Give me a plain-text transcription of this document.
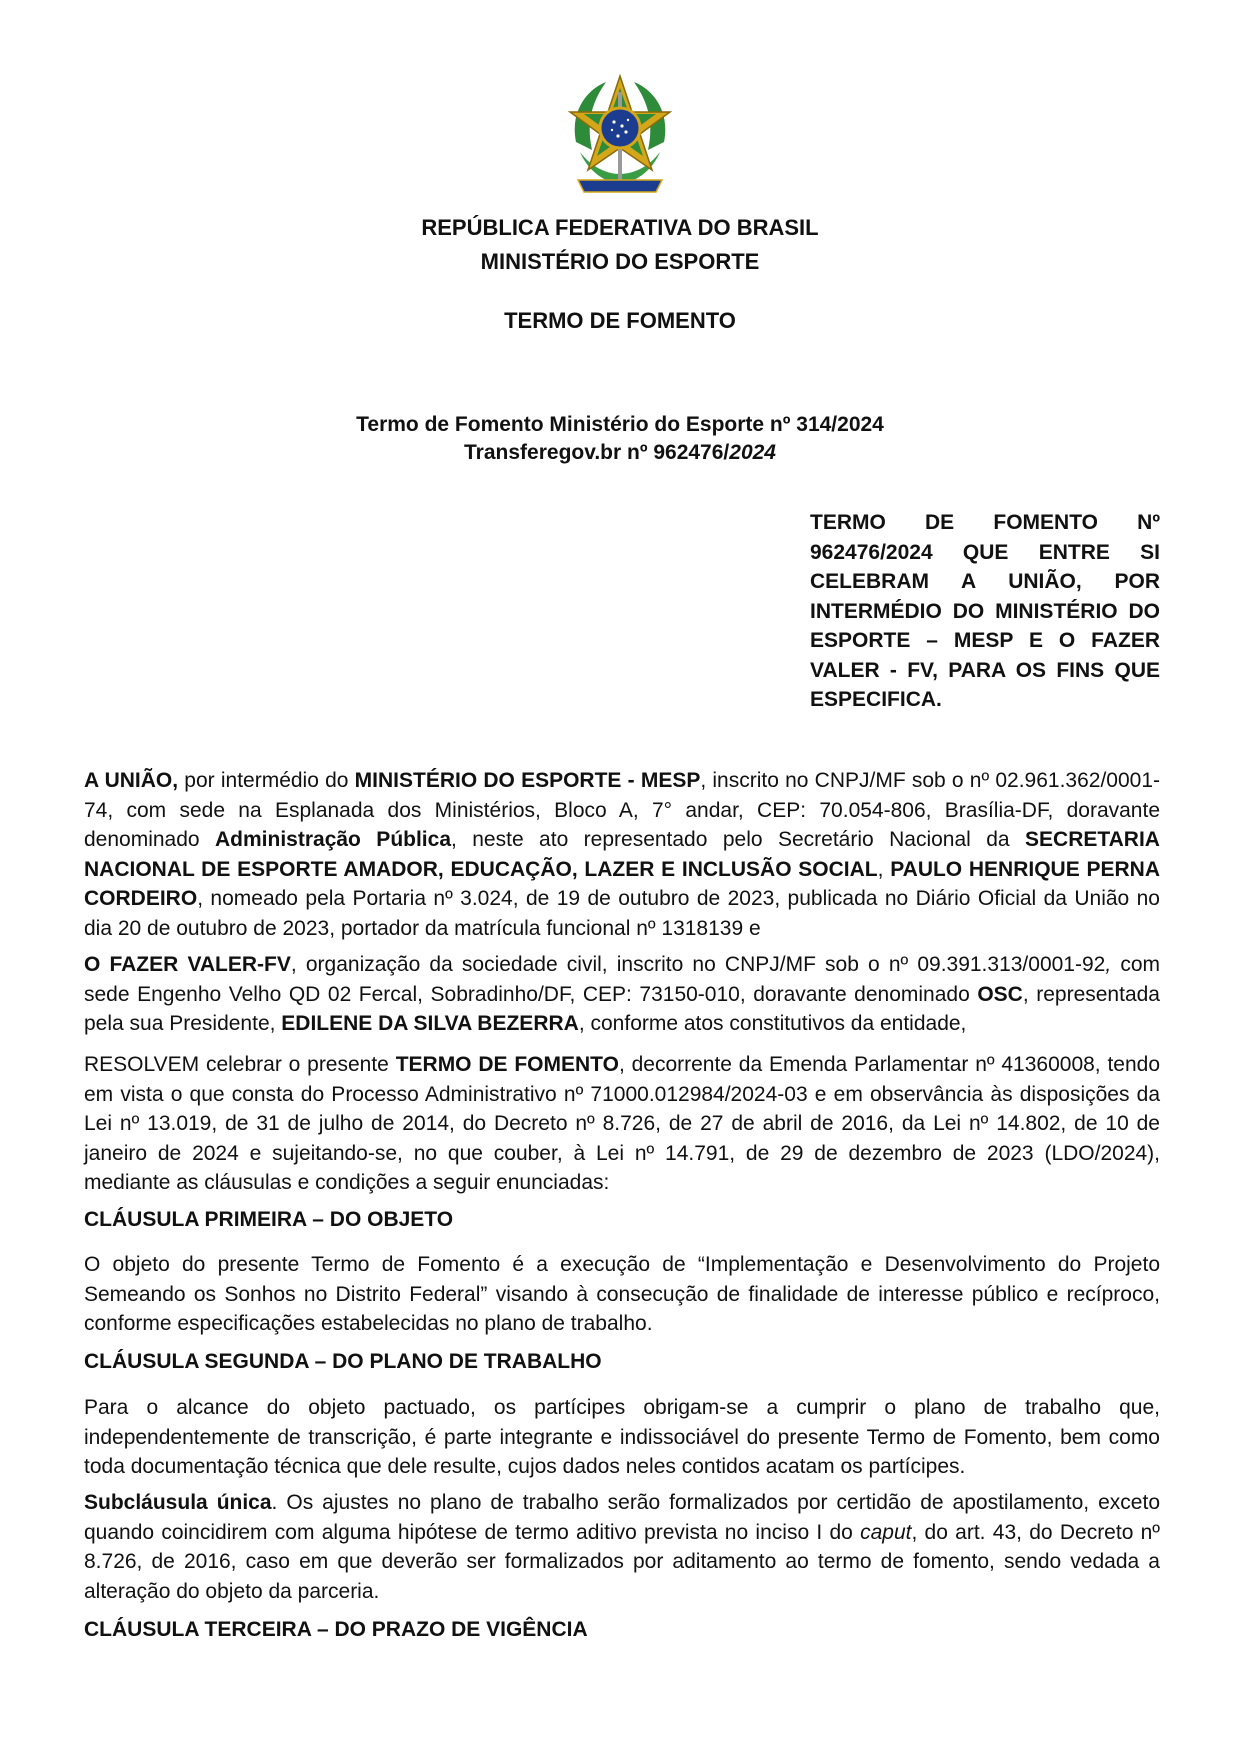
REPÚBLICA FEDERATIVA DO BRASIL
MINISTÉRIO DO ESPORTE
TERMO DE FOMENTO
Termo de Fomento Ministério do Esporte nº 314/2024
Transferegov.br nº 962476/2024
TERMO DE FOMENTO Nº 962476/2024 QUE ENTRE SI CELEBRAM A UNIÃO, POR INTERMÉDIO DO MINISTÉRIO DO ESPORTE – MESP E O FAZER VALER - FV, PARA OS FINS QUE ESPECIFICA.

A UNIÃO, por intermédio do MINISTÉRIO DO ESPORTE - MESP, inscrito no CNPJ/MF sob o nº 02.961.362/0001-74, com sede na Esplanada dos Ministérios, Bloco A, 7° andar, CEP: 70.054-806, Brasília-DF, doravante denominado Administração Pública, neste ato representado pelo Secretário Nacional da SECRETARIA NACIONAL DE ESPORTE AMADOR, EDUCAÇÃO, LAZER E INCLUSÃO SOCIAL, PAULO HENRIQUE PERNA CORDEIRO, nomeado pela Portaria nº 3.024, de 19 de outubro de 2023, publicada no Diário Oficial da União no dia 20 de outubro de 2023, portador da matrícula funcional nº 1318139 e

O FAZER VALER-FV, organização da sociedade civil, inscrito no CNPJ/MF sob o nº 09.391.313/0001-92, com sede Engenho Velho QD 02 Fercal, Sobradinho/DF, CEP: 73150-010, doravante denominado OSC, representada pela sua Presidente, EDILENE DA SILVA BEZERRA, conforme atos constitutivos da entidade,

RESOLVEM celebrar o presente TERMO DE FOMENTO, decorrente da Emenda Parlamentar nº 41360008, tendo em vista o que consta do Processo Administrativo nº 71000.012984/2024-03 e em observância às disposições da Lei nº 13.019, de 31 de julho de 2014, do Decreto nº 8.726, de 27 de abril de 2016, da Lei nº 14.802, de 10 de janeiro de 2024 e sujeitando-se, no que couber, à Lei nº 14.791, de 29 de dezembro de 2023 (LDO/2024), mediante as cláusulas e condições a seguir enunciadas:

CLÁUSULA PRIMEIRA – DO OBJETO

O objeto do presente Termo de Fomento é a execução de “Implementação e Desenvolvimento do Projeto Semeando os Sonhos no Distrito Federal” visando à consecução de finalidade de interesse público e recíproco, conforme especificações estabelecidas no plano de trabalho.

CLÁUSULA SEGUNDA – DO PLANO DE TRABALHO

Para o alcance do objeto pactuado, os partícipes obrigam-se a cumprir o plano de trabalho que, independentemente de transcrição, é parte integrante e indissociável do presente Termo de Fomento, bem como toda documentação técnica que dele resulte, cujos dados neles contidos acatam os partícipes.

Subcláusula única. Os ajustes no plano de trabalho serão formalizados por certidão de apostilamento, exceto quando coincidirem com alguma hipótese de termo aditivo prevista no inciso I do caput, do art. 43, do Decreto nº 8.726, de 2016, caso em que deverão ser formalizados por aditamento ao termo de fomento, sendo vedada a alteração do objeto da parceria.

CLÁUSULA TERCEIRA – DO PRAZO DE VIGÊNCIA
